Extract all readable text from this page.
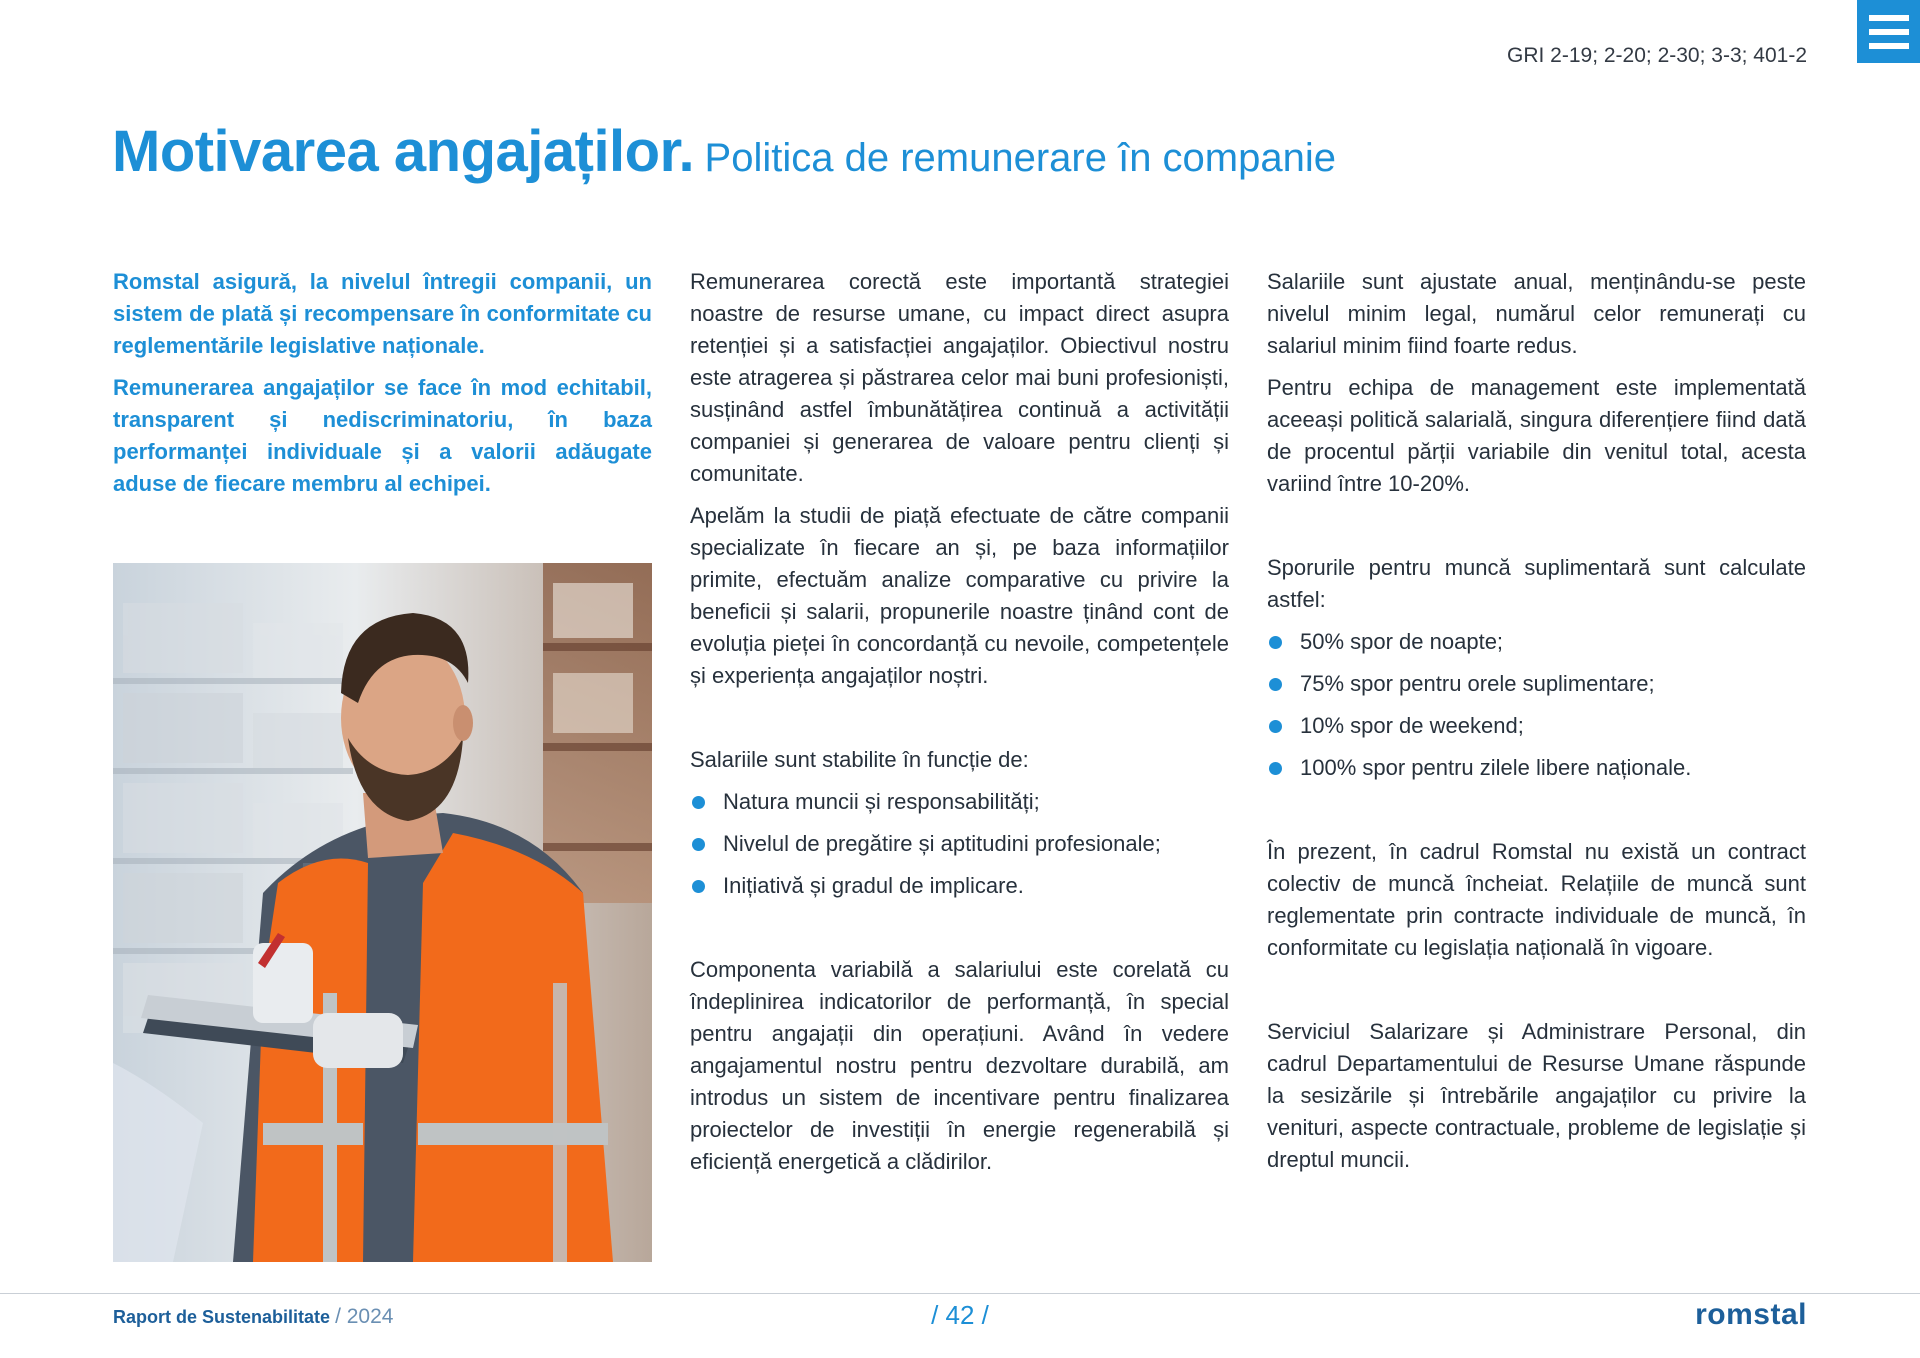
GRI 2-19; 2-20; 2-30; 3-3; 401-2
Motivarea angajaților. Politica de remunerare în companie

Romstal asigură, la nivelul întregii companii, un sistem de plată și recompensare în conformitate cu reglementările legislative naționale.

Remunerarea angajaților se face în mod echitabil, transparent și nediscriminatoriu, în baza performanței individuale și a valorii adăugate aduse de fiecare membru al echipei.

Remunerarea corectă este importantă strategiei noastre de resurse umane, cu impact direct asupra retenției și a satisfacției angajaților. Obiectivul nostru este atragerea și păstrarea celor mai buni profesioniști, susținând astfel îmbunătățirea continuă a activității companiei și generarea de valoare pentru clienți și comunitate.

Apelăm la studii de piață efectuate de către companii specializate în fiecare an și, pe baza informațiilor primite, efectuăm analize comparative cu privire la beneficii și salarii, propunerile noastre ținând cont de evoluția pieței în concordanță cu nevoile, competențele și experiența angajaților noștri.

Salariile sunt stabilite în funcție de:

Natura muncii și responsabilități;
Nivelul de pregătire și aptitudini profesionale;
Inițiativă și gradul de implicare.

Componenta variabilă a salariului este corelată cu îndeplinirea indicatorilor de performanță, în special pentru angajații din operațiuni. Având în vedere angajamentul nostru pentru dezvoltare durabilă, am introdus un sistem de incentivare pentru finalizarea proiectelor de investiții în energie regenerabilă și eficiență energetică a clădirilor.

Salariile sunt ajustate anual, menținându-se peste nivelul minim legal, numărul celor remunerați cu salariul minim fiind foarte redus.

Pentru echipa de management este implementată aceeași politică salarială, singura diferențiere fiind dată de procentul părții variabile din venitul total, acesta variind între 10-20%.

Sporurile pentru muncă suplimentară sunt calculate astfel:

50% spor de noapte;
75% spor pentru orele suplimentare;
10% spor de weekend;
100% spor pentru zilele libere naționale.

În prezent, în cadrul Romstal nu există un contract colectiv de muncă încheiat. Relațiile de muncă sunt reglementate prin contracte individuale de muncă, în conformitate cu legislația națională în vigoare.

Serviciul Salarizare și Administrare Personal, din cadrul Departamentului de Resurse Umane răspunde la sesizările și întrebările angajaților cu privire la venituri, aspecte contractuale, probleme de legislație și dreptul muncii.

Raport de Sustenabilitate / 2024	/ 42 /	romstal
